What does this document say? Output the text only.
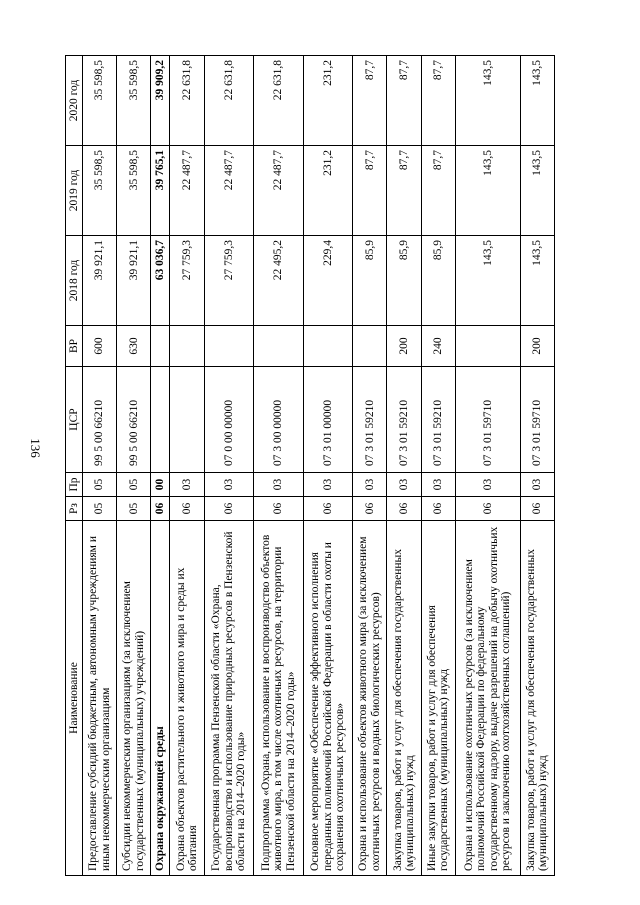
136
Наименование	Рз	Пр	ЦСР	ВР	2018 год	2019 год	2020 год
Предоставление субсидий бюджетным, автономным учреждениям и иным некоммерческим организациям	05	05	99 5 00 66210	600	39 921,1	35 598,5	35 598,5
Субсидии некоммерческим организациям (за исключением государственных (муниципальных) учреждений)	05	05	99 5 00 66210	630	39 921,1	35 598,5	35 598,5
Охрана окружающей среды	06	00			63 036,7	39 765,1	39 909,2
Охрана объектов растительного и животного мира и среды их обитания	06	03			27 759,3	22 487,7	22 631,8
Государственная программа Пензенской области «Охрана, воспроизводство и использование природных ресурсов в Пензенской области на 2014–2020 годы»	06	03	07 0 00 00000		27 759,3	22 487,7	22 631,8
Подпрограмма «Охрана, использование и воспроизводство объектов животного мира, в том числе охотничьих ресурсов, на территории Пензенской области на 2014–2020 годы»	06	03	07 3 00 00000		22 495,2	22 487,7	22 631,8
Основное мероприятие «Обеспечение эффективного исполнения переданных полномочий Российской Федерации в области охоты и сохранения охотничьих ресурсов»	06	03	07 3 01 00000		229,4	231,2	231,2
Охрана и использование объектов животного мира (за исключением охотничьих ресурсов и водных биологических ресурсов)	06	03	07 3 01 59210		85,9	87,7	87,7
Закупка товаров, работ и услуг для обеспечения государственных (муниципальных) нужд	06	03	07 3 01 59210	200	85,9	87,7	87,7
Иные закупки товаров, работ и услуг для обеспечения государственных (муниципальных) нужд	06	03	07 3 01 59210	240	85,9	87,7	87,7
Охрана и использование охотничьих ресурсов (за исключением полномочий Российской Федерации по федеральному государственному надзору, выдаче разрешений на добычу охотничьих ресурсов и заключению охотхозяйственных соглашений)	06	03	07 3 01 59710		143,5	143,5	143,5
Закупка товаров, работ и услуг для обеспечения государственных (муниципальных) нужд	06	03	07 3 01 59710	200	143,5	143,5	143,5
